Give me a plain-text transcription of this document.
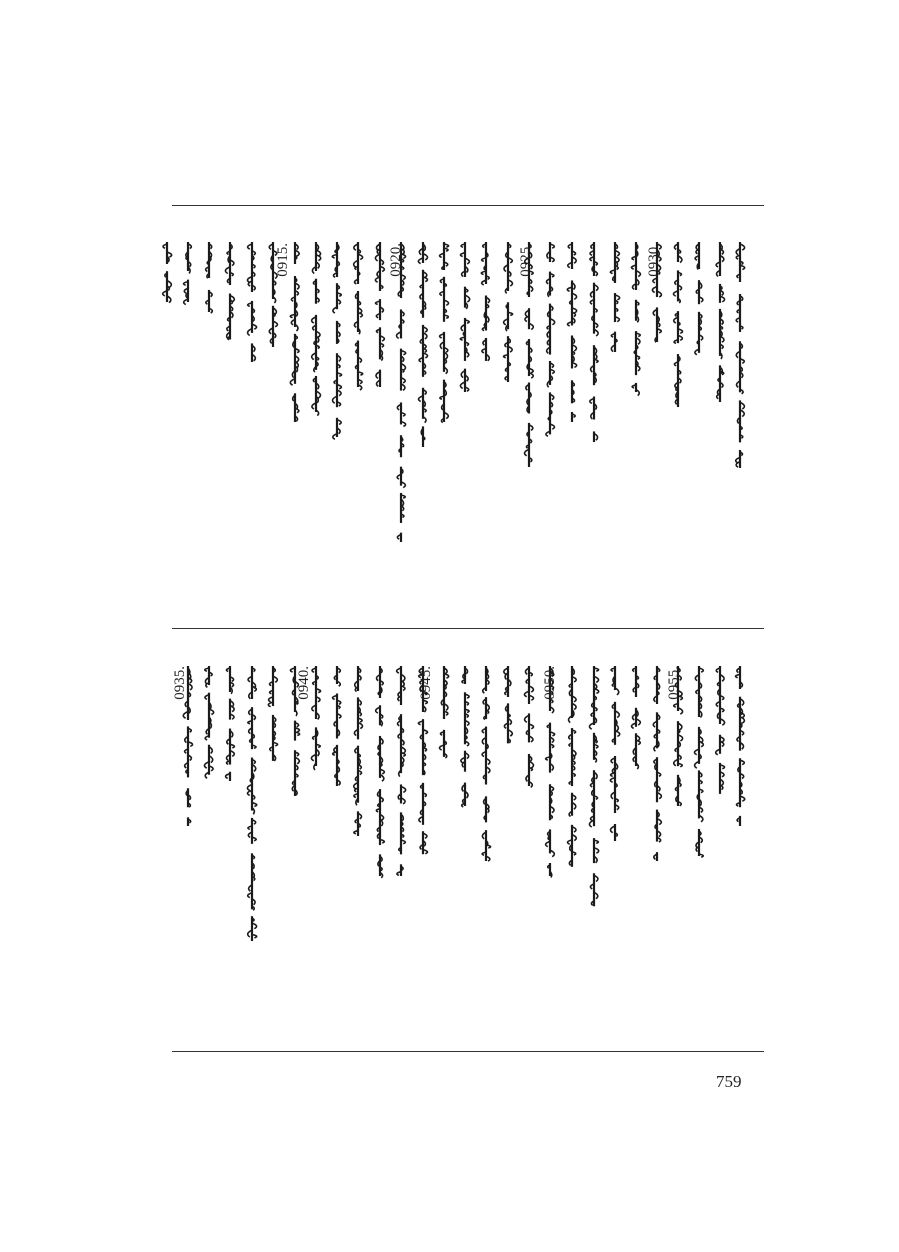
0930.
0925.
0920.
0915.
0955.
0950.
0945.
0940.
0935.
759
